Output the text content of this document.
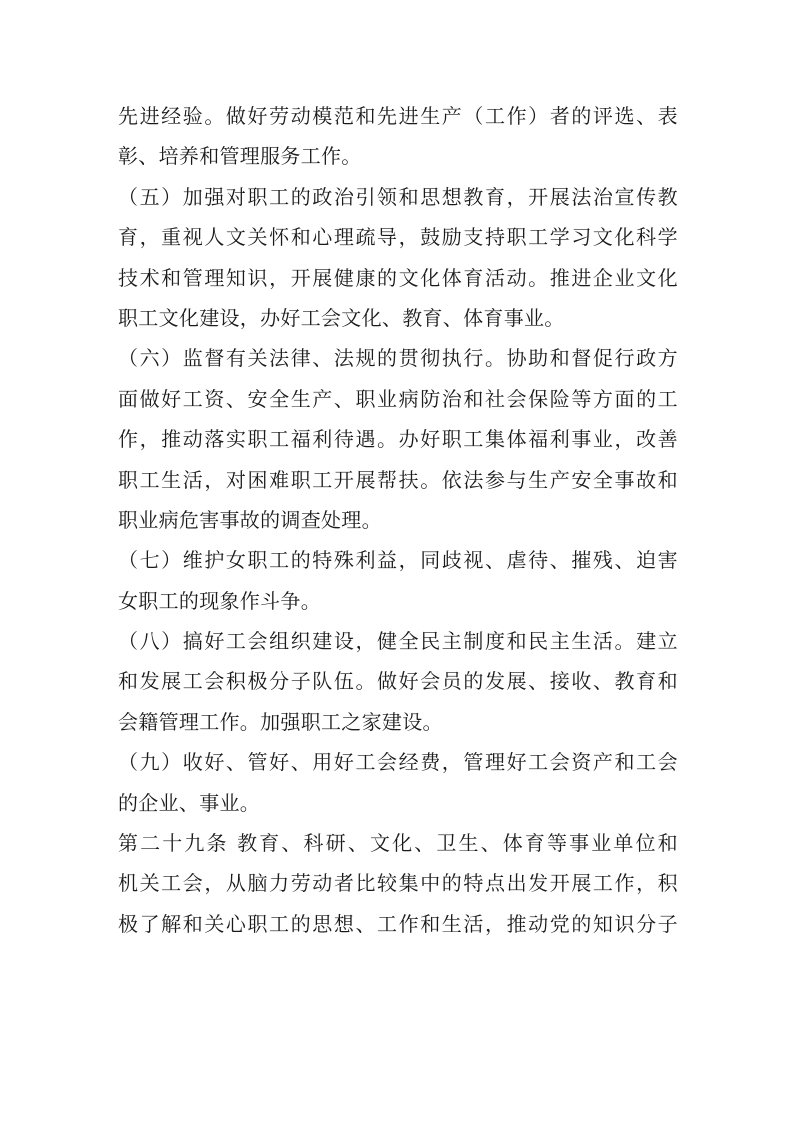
先进经验。做好劳动模范和先进生产（工作）者的评选、表
彰、培养和管理服务工作。
（五）加强对职工的政治引领和思想教育，开展法治宣传教
育，重视人文关怀和心理疏导，鼓励支持职工学习文化科学
技术和管理知识，开展健康的文化体育活动。推进企业文化
职工文化建设，办好工会文化、教育、体育事业。
（六）监督有关法律、法规的贯彻执行。协助和督促行政方
面做好工资、安全生产、职业病防治和社会保险等方面的工
作，推动落实职工福利待遇。办好职工集体福利事业，改善
职工生活，对困难职工开展帮扶。依法参与生产安全事故和
职业病危害事故的调查处理。
（七）维护女职工的特殊利益，同歧视、虐待、摧残、迫害
女职工的现象作斗争。
（八）搞好工会组织建设，健全民主制度和民主生活。建立
和发展工会积极分子队伍。做好会员的发展、接收、教育和
会籍管理工作。加强职工之家建设。
（九）收好、管好、用好工会经费，管理好工会资产和工会
的企业、事业。
第二十九条 教育、科研、文化、卫生、体育等事业单位和
机关工会，从脑力劳动者比较集中的特点出发开展工作，积
极了解和关心职工的思想、工作和生活，推动党的知识分子
